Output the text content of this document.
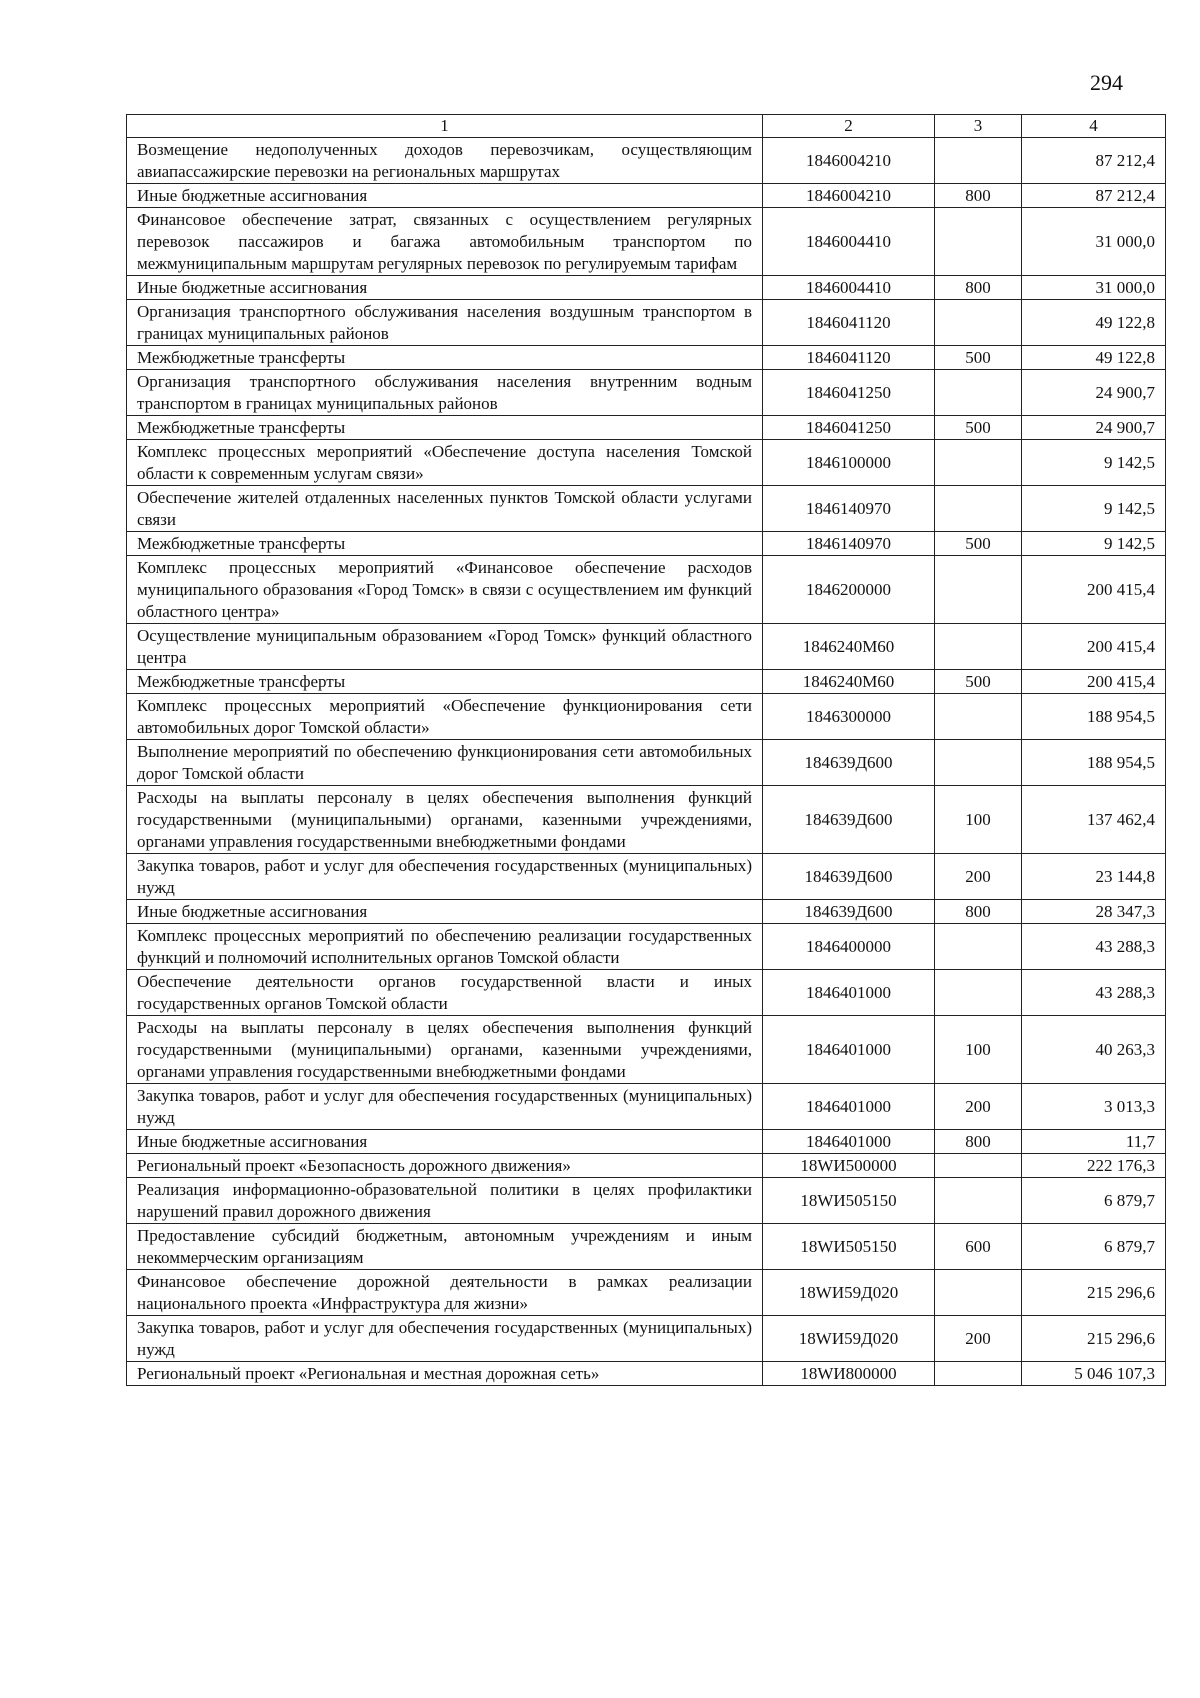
294
1	2	3	4
Возмещение недополученных доходов перевозчикам, осуществляющим авиапассажирские перевозки на региональных маршрутах	1846004210		87 212,4
Иные бюджетные ассигнования	1846004210	800	87 212,4
Финансовое обеспечение затрат, связанных с осуществлением регулярных перевозок пассажиров и багажа автомобильным транспортом по межмуниципальным маршрутам регулярных перевозок по регулируемым тарифам	1846004410		31 000,0
Иные бюджетные ассигнования	1846004410	800	31 000,0
Организация транспортного обслуживания населения воздушным транспортом в границах муниципальных районов	1846041120		49 122,8
Межбюджетные трансферты	1846041120	500	49 122,8
Организация транспортного обслуживания населения внутренним водным транспортом в границах муниципальных районов	1846041250		24 900,7
Межбюджетные трансферты	1846041250	500	24 900,7
Комплекс процессных мероприятий «Обеспечение доступа населения Томской области к современным услугам связи»	1846100000		9 142,5
Обеспечение жителей отдаленных населенных пунктов Томской области услугами связи	1846140970		9 142,5
Межбюджетные трансферты	1846140970	500	9 142,5
Комплекс процессных мероприятий «Финансовое обеспечение расходов муниципального образования «Город Томск» в связи с осуществлением им функций областного центра»	1846200000		200 415,4
Осуществление муниципальным образованием «Город Томск» функций областного центра	1846240M60		200 415,4
Межбюджетные трансферты	1846240M60	500	200 415,4
Комплекс процессных мероприятий «Обеспечение функционирования сети автомобильных дорог Томской области»	1846300000		188 954,5
Выполнение мероприятий по обеспечению функционирования сети автомобильных дорог Томской области	184639Д600		188 954,5
Расходы на выплаты персоналу в целях обеспечения выполнения функций государственными (муниципальными) органами, казенными учреждениями, органами управления государственными внебюджетными фондами	184639Д600	100	137 462,4
Закупка товаров, работ и услуг для обеспечения государственных (муниципальных) нужд	184639Д600	200	23 144,8
Иные бюджетные ассигнования	184639Д600	800	28 347,3
Комплекс процессных мероприятий по обеспечению реализации государственных функций и полномочий исполнительных органов Томской области	1846400000		43 288,3
Обеспечение деятельности органов государственной власти и иных государственных органов Томской области	1846401000		43 288,3
Расходы на выплаты персоналу в целях обеспечения выполнения функций государственными (муниципальными) органами, казенными учреждениями, органами управления государственными внебюджетными фондами	1846401000	100	40 263,3
Закупка товаров, работ и услуг для обеспечения государственных (муниципальных) нужд	1846401000	200	3 013,3
Иные бюджетные ассигнования	1846401000	800	11,7
Региональный проект «Безопасность дорожного движения»	18WИ500000		222 176,3
Реализация информационно-образовательной политики в целях профилактики нарушений правил дорожного движения	18WИ505150		6 879,7
Предоставление субсидий бюджетным, автономным учреждениям и иным некоммерческим организациям	18WИ505150	600	6 879,7
Финансовое обеспечение дорожной деятельности в рамках реализации национального проекта «Инфраструктура для жизни»	18WИ59Д020		215 296,6
Закупка товаров, работ и услуг для обеспечения государственных (муниципальных) нужд	18WИ59Д020	200	215 296,6
Региональный проект «Региональная и местная дорожная сеть»	18WИ800000		5 046 107,3
